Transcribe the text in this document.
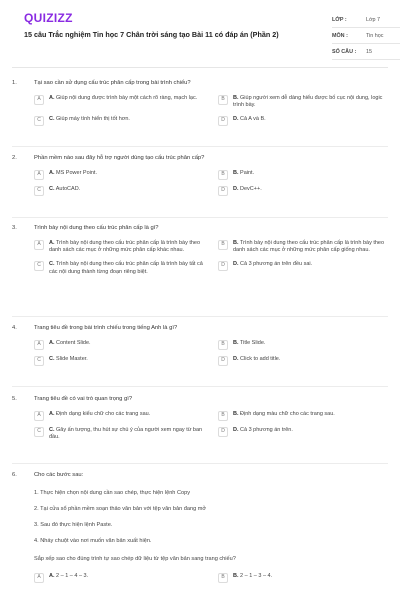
QUIZIZZ
15 câu Trắc nghiệm Tin học 7 Chân trời sáng tạo Bài 11 có đáp án (Phần 2)
LỚP :	Lớp 7
MÔN :	Tin học
SỐ CÂU :	15
1.	Tại sao cần sử dụng cấu trúc phân cấp trong bài trình chiếu?
A	A. Giúp nội dung được trình bày một cách rõ ràng, mạch lạc.	B	B. Giúp người xem dễ dàng hiểu được bố cục nội dung, logic trình bày.
C	C. Giúp máy tính hiển thị tốt hơn.	D	D. Cả A và B.
2.	Phần mềm nào sau đây hỗ trợ người dùng tạo cấu trúc phân cấp?
A	A. MS Power Point.	B	B. Paint.
C	C. AutoCAD.	D	D. DevC++.
3.	Trình bày nội dung theo cấu trúc phân cấp là gì?
A	A. Trình bày nội dung theo cấu trúc phân cấp là trình bày theo danh sách các mục ở những mức phân cấp khác nhau.
B	B. Trình bày nội dung theo cấu trúc phân cấp là trình bày theo danh sách các mục ở những mức phân cấp giống nhau.
C	C. Trình bày nội dung theo cấu trúc phân cấp là trình bày tất cả các nội dung thành từng đoạn riêng biệt.
D	D. Cả 3 phương án trên đều sai.
4.	Trang tiêu đề trong bài trình chiếu trong tiếng Anh là gì?
A	A. Content Slide.	B	B. Title Slide.
C	C. Slide Master.	D	D. Click to add title.
5.	Trang tiêu đề có vai trò quan trọng gì?
A	A. Định dạng kiểu chữ cho các trang sau.	B	B. Định dạng màu chữ cho các trang sau.
C	C. Gây ấn tượng, thu hút sự chú ý của người xem ngay từ ban đầu.
D	D. Cả 3 phương án trên.
6.	Cho các bước sau:
1. Thực hiện chọn nội dung cần sao chép, thực hiện lệnh Copy
2. Tại cửa sổ phần mềm soạn thảo văn bản với tệp văn bản đang mở
3. Sau đó thực hiện lệnh Paste.
4. Nháy chuột vào nơi muốn văn bản xuất hiện.
Sắp xếp sao cho đúng trình tự sao chép dữ liệu từ tệp văn bản sang trang chiếu?
A	A. 2 – 1 – 4 – 3.	B	B. 2 – 1 – 3 – 4.
